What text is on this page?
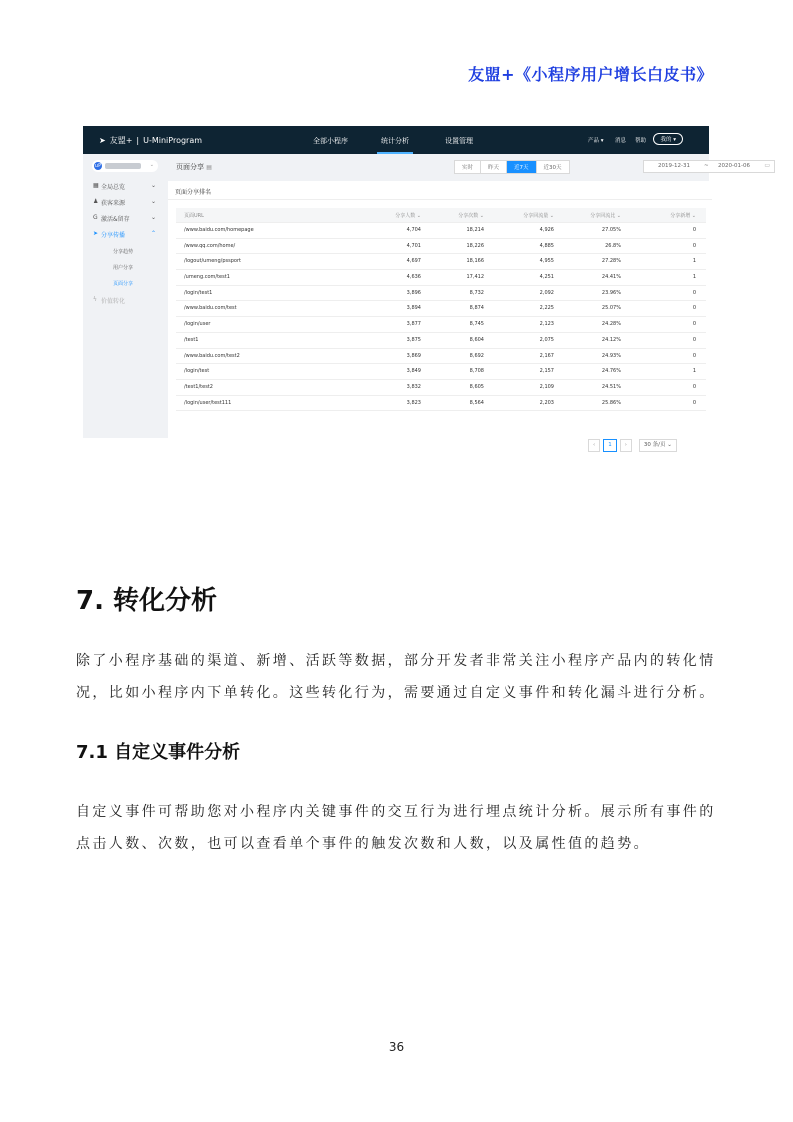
友盟+《小程序用户增长白皮书》
➤ 友盟+ | U-MiniProgram	全部小程序	统计分析	设置管理	产品 ▾ 消息 帮助	我的 ▾
uP	⌄
▦ 全局总览	⌄
♟ 获客来源	⌄
G 激活&留存	⌄
➤ 分享传播	⌃
分享趋势
用户分享
页面分享
ϟ 价值转化
页面分享 ▤	实时	昨天	近7天	近30天	2019-12-31	~ 2020-01-06 ▭
页面分享排名
页面URL	分享人数 ⌄	分享次数 ⌄	分享回流量 ⌄	分享回流比 ⌄	分享新增 ⌄
/www.baidu.com/homepage	4,704	18,214	4,926	27.05%	0
/www.qq.com/home/	4,701	18,226	4,885	26.8%	0
/logout/umeng/pssport	4,697	18,166	4,955	27.28%	1
/umeng.com/test1	4,636	17,412	4,251	24.41%	1
/login/test1	3,896	8,732	2,092	23.96%	0
/www.baidu.com/test	3,894	8,874	2,225	25.07%	0
/login/user	3,877	8,745	2,123	24.28%	0
/test1	3,875	8,604	2,075	24.12%	0
/www.baidu.com/test2	3,869	8,692	2,167	24.93%	0
/login/test	3,849	8,708	2,157	24.76%	1
/test1/test2	3,832	8,605	2,109	24.51%	0
/login/user/test111	3,823	8,564	2,203	25.86%	0
‹	1	›	30 条/页 ⌄
7. 转化分析

除了小程序基础的渠道、新增、活跃等数据，部分开发者非常关注小程序产品内的转化情况，比如小程序内下单转化。这些转化行为，需要通过自定义事件和转化漏斗进行分析。

7.1 自定义事件分析

自定义事件可帮助您对小程序内关键事件的交互行为进行埋点统计分析。展示所有事件的点击人数、次数，也可以查看单个事件的触发次数和人数，以及属性值的趋势。

36
